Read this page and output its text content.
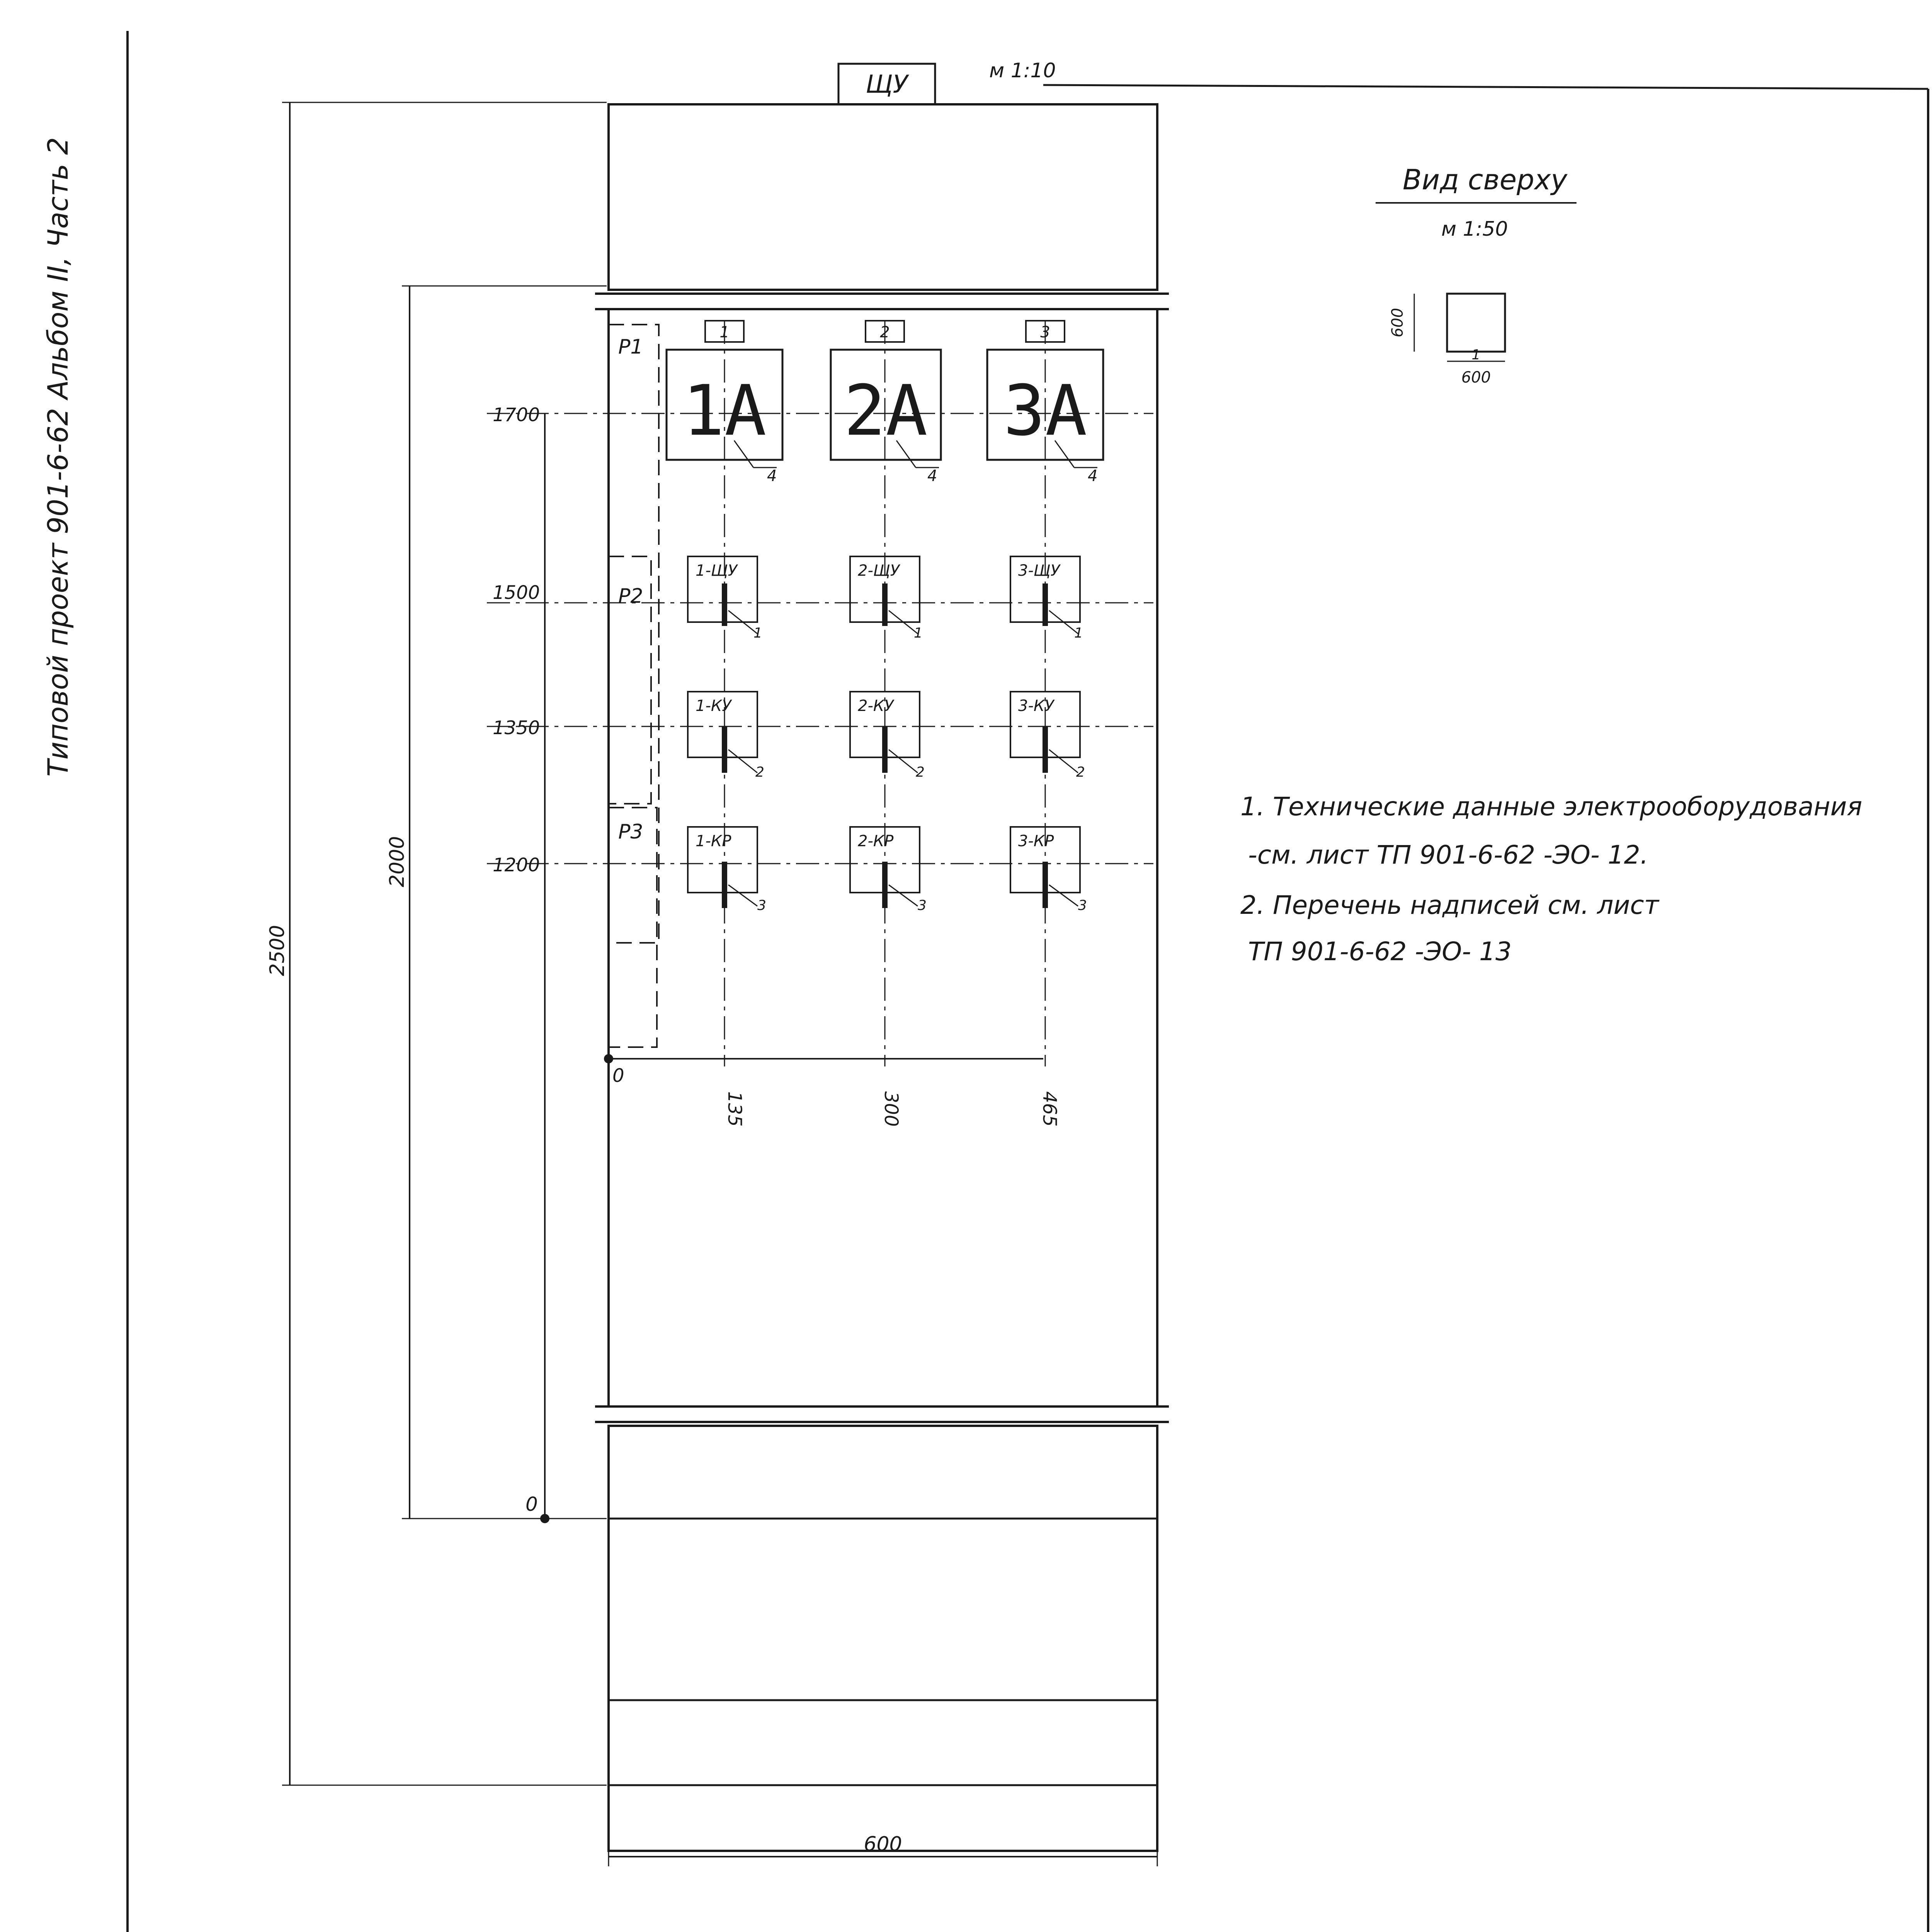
Типовой проект 901-6-62 Альбом II, Часть 2
ЩУ	м 1:10
Р1
Р2
Р3
2500
2000
0
1700
1500
1350
1200
0
135	300	465
1	2	3
1А
4
2А
4
3А
4
1-ЩУ
1
2-ЩУ
1
3-ЩУ
1
1-КУ
2
2-КУ
2
3-КУ
2
1-КР
3
2-КР
3
3-КР
3
600
Вид сверху
м 1:50
1
600
600
1. Технические данные электрооборудования
-см. лист ТП 901-6-62 -ЭО- 12.
2. Перечень надписей см. лист
ТП 901-6-62 -ЭО- 13
